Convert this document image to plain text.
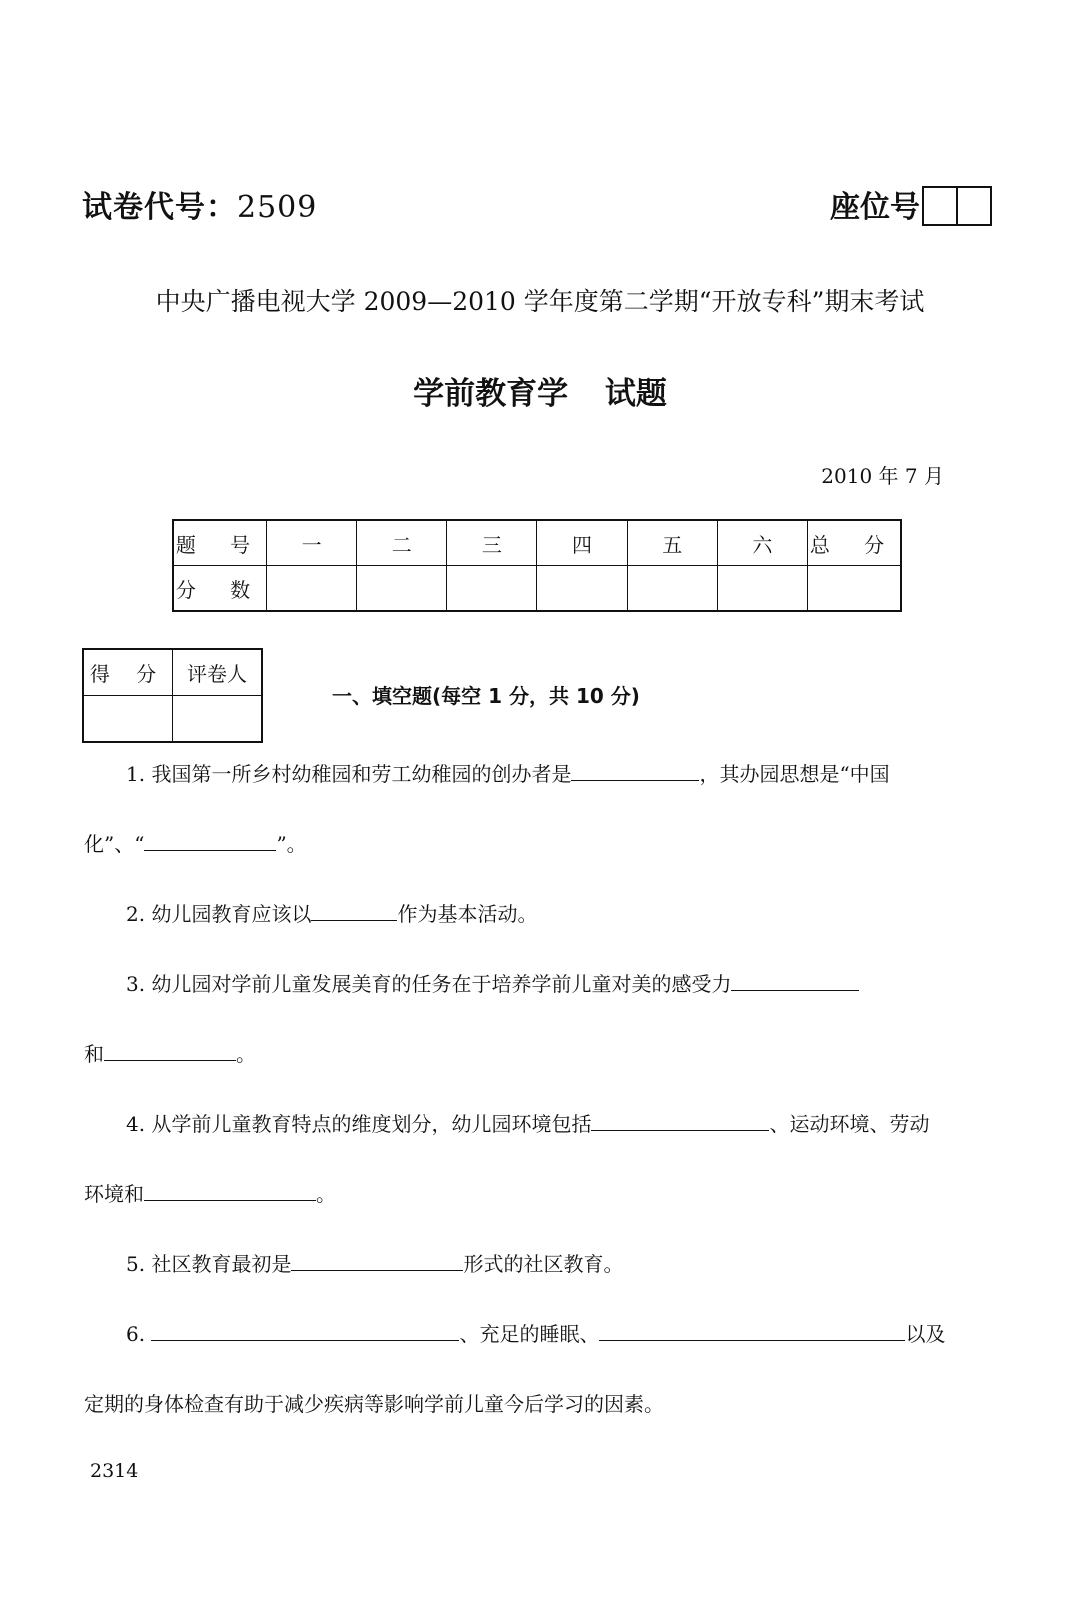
试卷代号：2509	座位号
中央广播电视大学 2009—2010 学年度第二学期“开放专科”期末考试
学前教育学 试题
2010 年 7 月
题 号	一	二	三	四	五	六	总 分
分 数							
得 分	评卷人

一、填空题(每空 1 分，共 10 分)
1. 我国第一所乡村幼稚园和劳工幼稚园的创办者是	，其办园思想是“中国
化”、“	”。
2. 幼儿园教育应该以	作为基本活动。
3. 幼儿园对学前儿童发展美育的任务在于培养学前儿童对美的感受力
和	。
4. 从学前儿童教育特点的维度划分，幼儿园环境包括	、运动环境、劳动
环境和	。
5. 社区教育最初是	形式的社区教育。
6.	、充足的睡眠、	以及
定期的身体检查有助于减少疾病等影响学前儿童今后学习的因素。
2314
